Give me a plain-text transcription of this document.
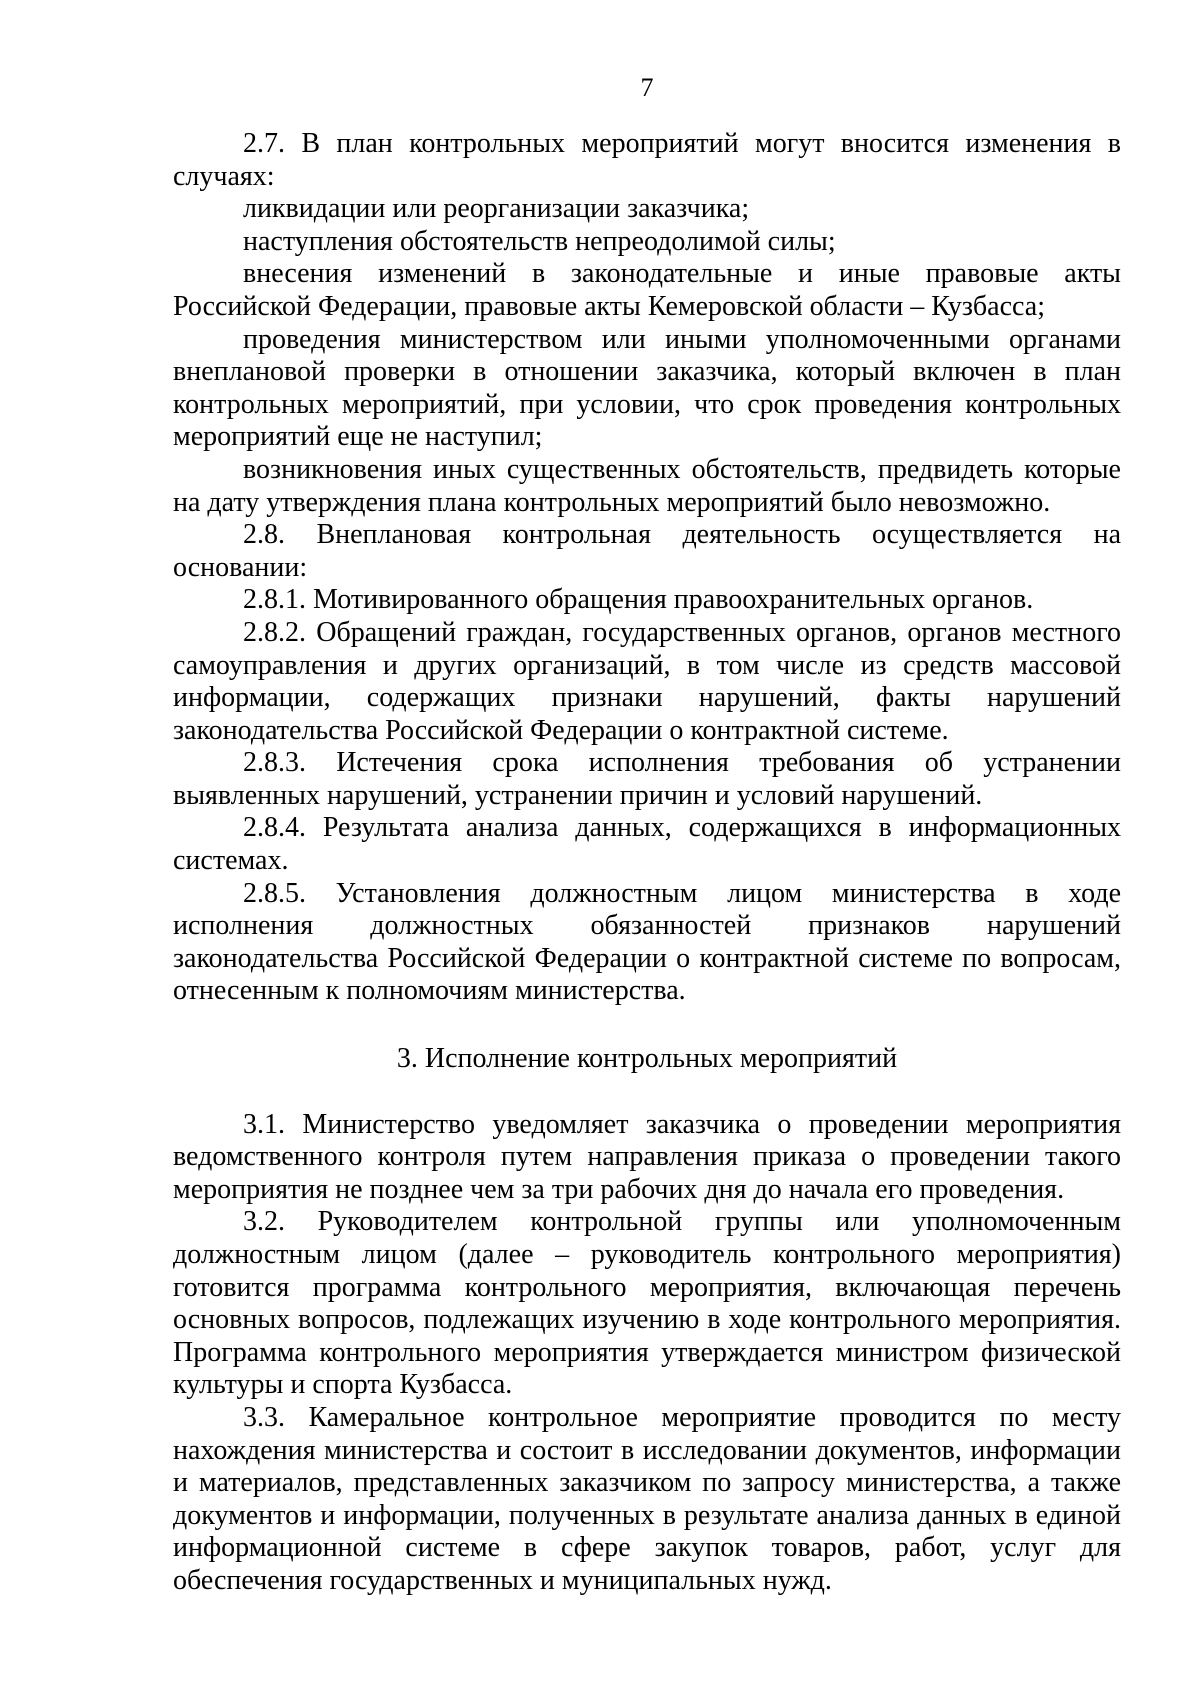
7

2.7. В план контрольных мероприятий могут вносится изменения в случаях:

ликвидации или реорганизации заказчика;

наступления обстоятельств непреодолимой силы;

внесения изменений в законодательные и иные правовые акты Российской Федерации, правовые акты Кемеровской области – Кузбасса;

проведения министерством или иными уполномоченными органами внеплановой проверки в отношении заказчика, который включен в план контрольных мероприятий, при условии, что срок проведения контрольных мероприятий еще не наступил;

возникновения иных существенных обстоятельств, предвидеть которые на дату утверждения плана контрольных мероприятий было невозможно.

2.8. Внеплановая контрольная деятельность осуществляется на основании:

2.8.1. Мотивированного обращения правоохранительных органов.

2.8.2. Обращений граждан, государственных органов, органов местного самоуправления и других организаций, в том числе из средств массовой информации, содержащих признаки нарушений, факты нарушений законодательства Российской Федерации о контрактной системе.

2.8.3. Истечения срока исполнения требования об устранении выявленных нарушений, устранении причин и условий нарушений.

2.8.4. Результата анализа данных, содержащихся в информационных системах.

2.8.5. Установления должностным лицом министерства в ходе исполнения должностных обязанностей признаков нарушений законодательства Российской Федерации о контрактной системе по вопросам, отнесенным к полномочиям министерства.

3. Исполнение контрольных мероприятий

3.1. Министерство уведомляет заказчика о проведении мероприятия ведомственного контроля путем направления приказа о проведении такого мероприятия не позднее чем за три рабочих дня до начала его проведения.

3.2. Руководителем контрольной группы или уполномоченным должностным лицом (далее – руководитель контрольного мероприятия) готовится программа контрольного мероприятия, включающая перечень основных вопросов, подлежащих изучению в ходе контрольного мероприятия. Программа контрольного мероприятия утверждается министром физической культуры и спорта Кузбасса.

3.3. Камеральное контрольное мероприятие проводится по месту нахождения министерства и состоит в исследовании документов, информации и материалов, представленных заказчиком по запросу министерства, а также документов и информации, полученных в результате анализа данных в единой информационной системе в сфере закупок товаров, работ, услуг для обеспечения государственных и муниципальных нужд.
